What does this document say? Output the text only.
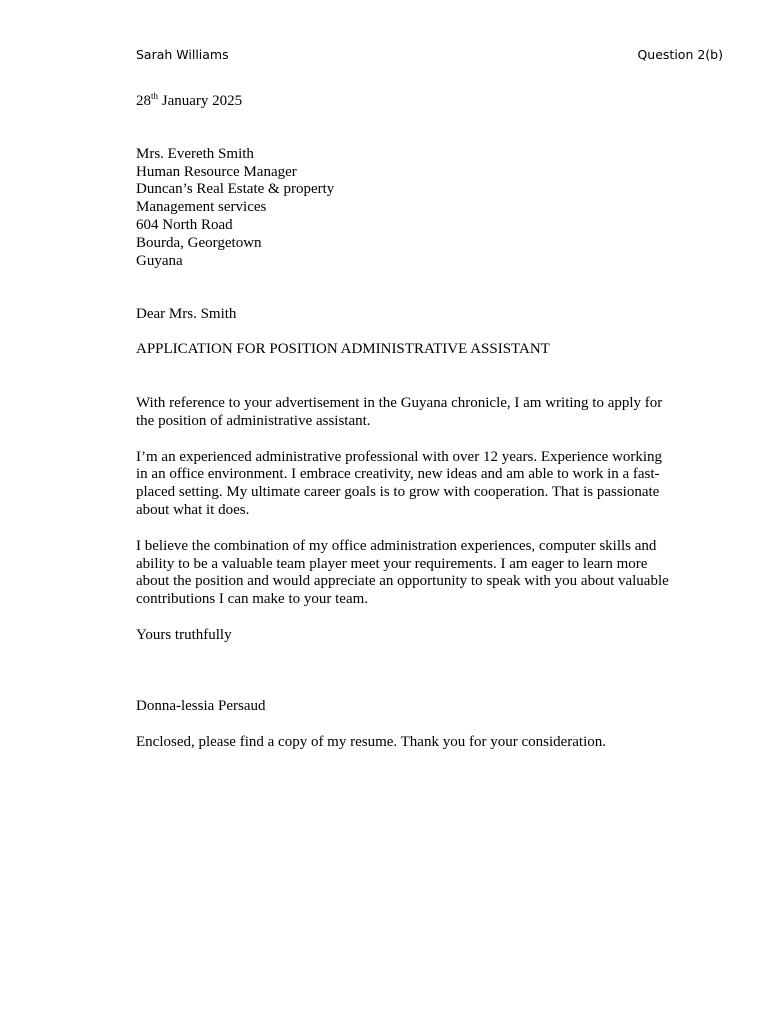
Sarah Williams	Question 2(b)

28th January 2025

Mrs. Evereth Smith
Human Resource Manager
Duncan’s Real Estate & property
Management services
604 North Road
Bourda, Georgetown
Guyana

Dear Mrs. Smith

APPLICATION FOR POSITION ADMINISTRATIVE ASSISTANT

With reference to your advertisement in the Guyana chronicle, I am writing to apply for the position of administrative assistant.

I’m an experienced administrative professional with over 12 years. Experience working in an office environment. I embrace creativity, new ideas and am able to work in a fast-placed setting. My ultimate career goals is to grow with cooperation. That is passionate about what it does.

I believe the combination of my office administration experiences, computer skills and ability to be a valuable team player meet your requirements. I am eager to learn more about the position and would appreciate an opportunity to speak with you about valuable contributions I can make to your team.

Yours truthfully

Donna-lessia Persaud

Enclosed, please find a copy of my resume. Thank you for your consideration.
